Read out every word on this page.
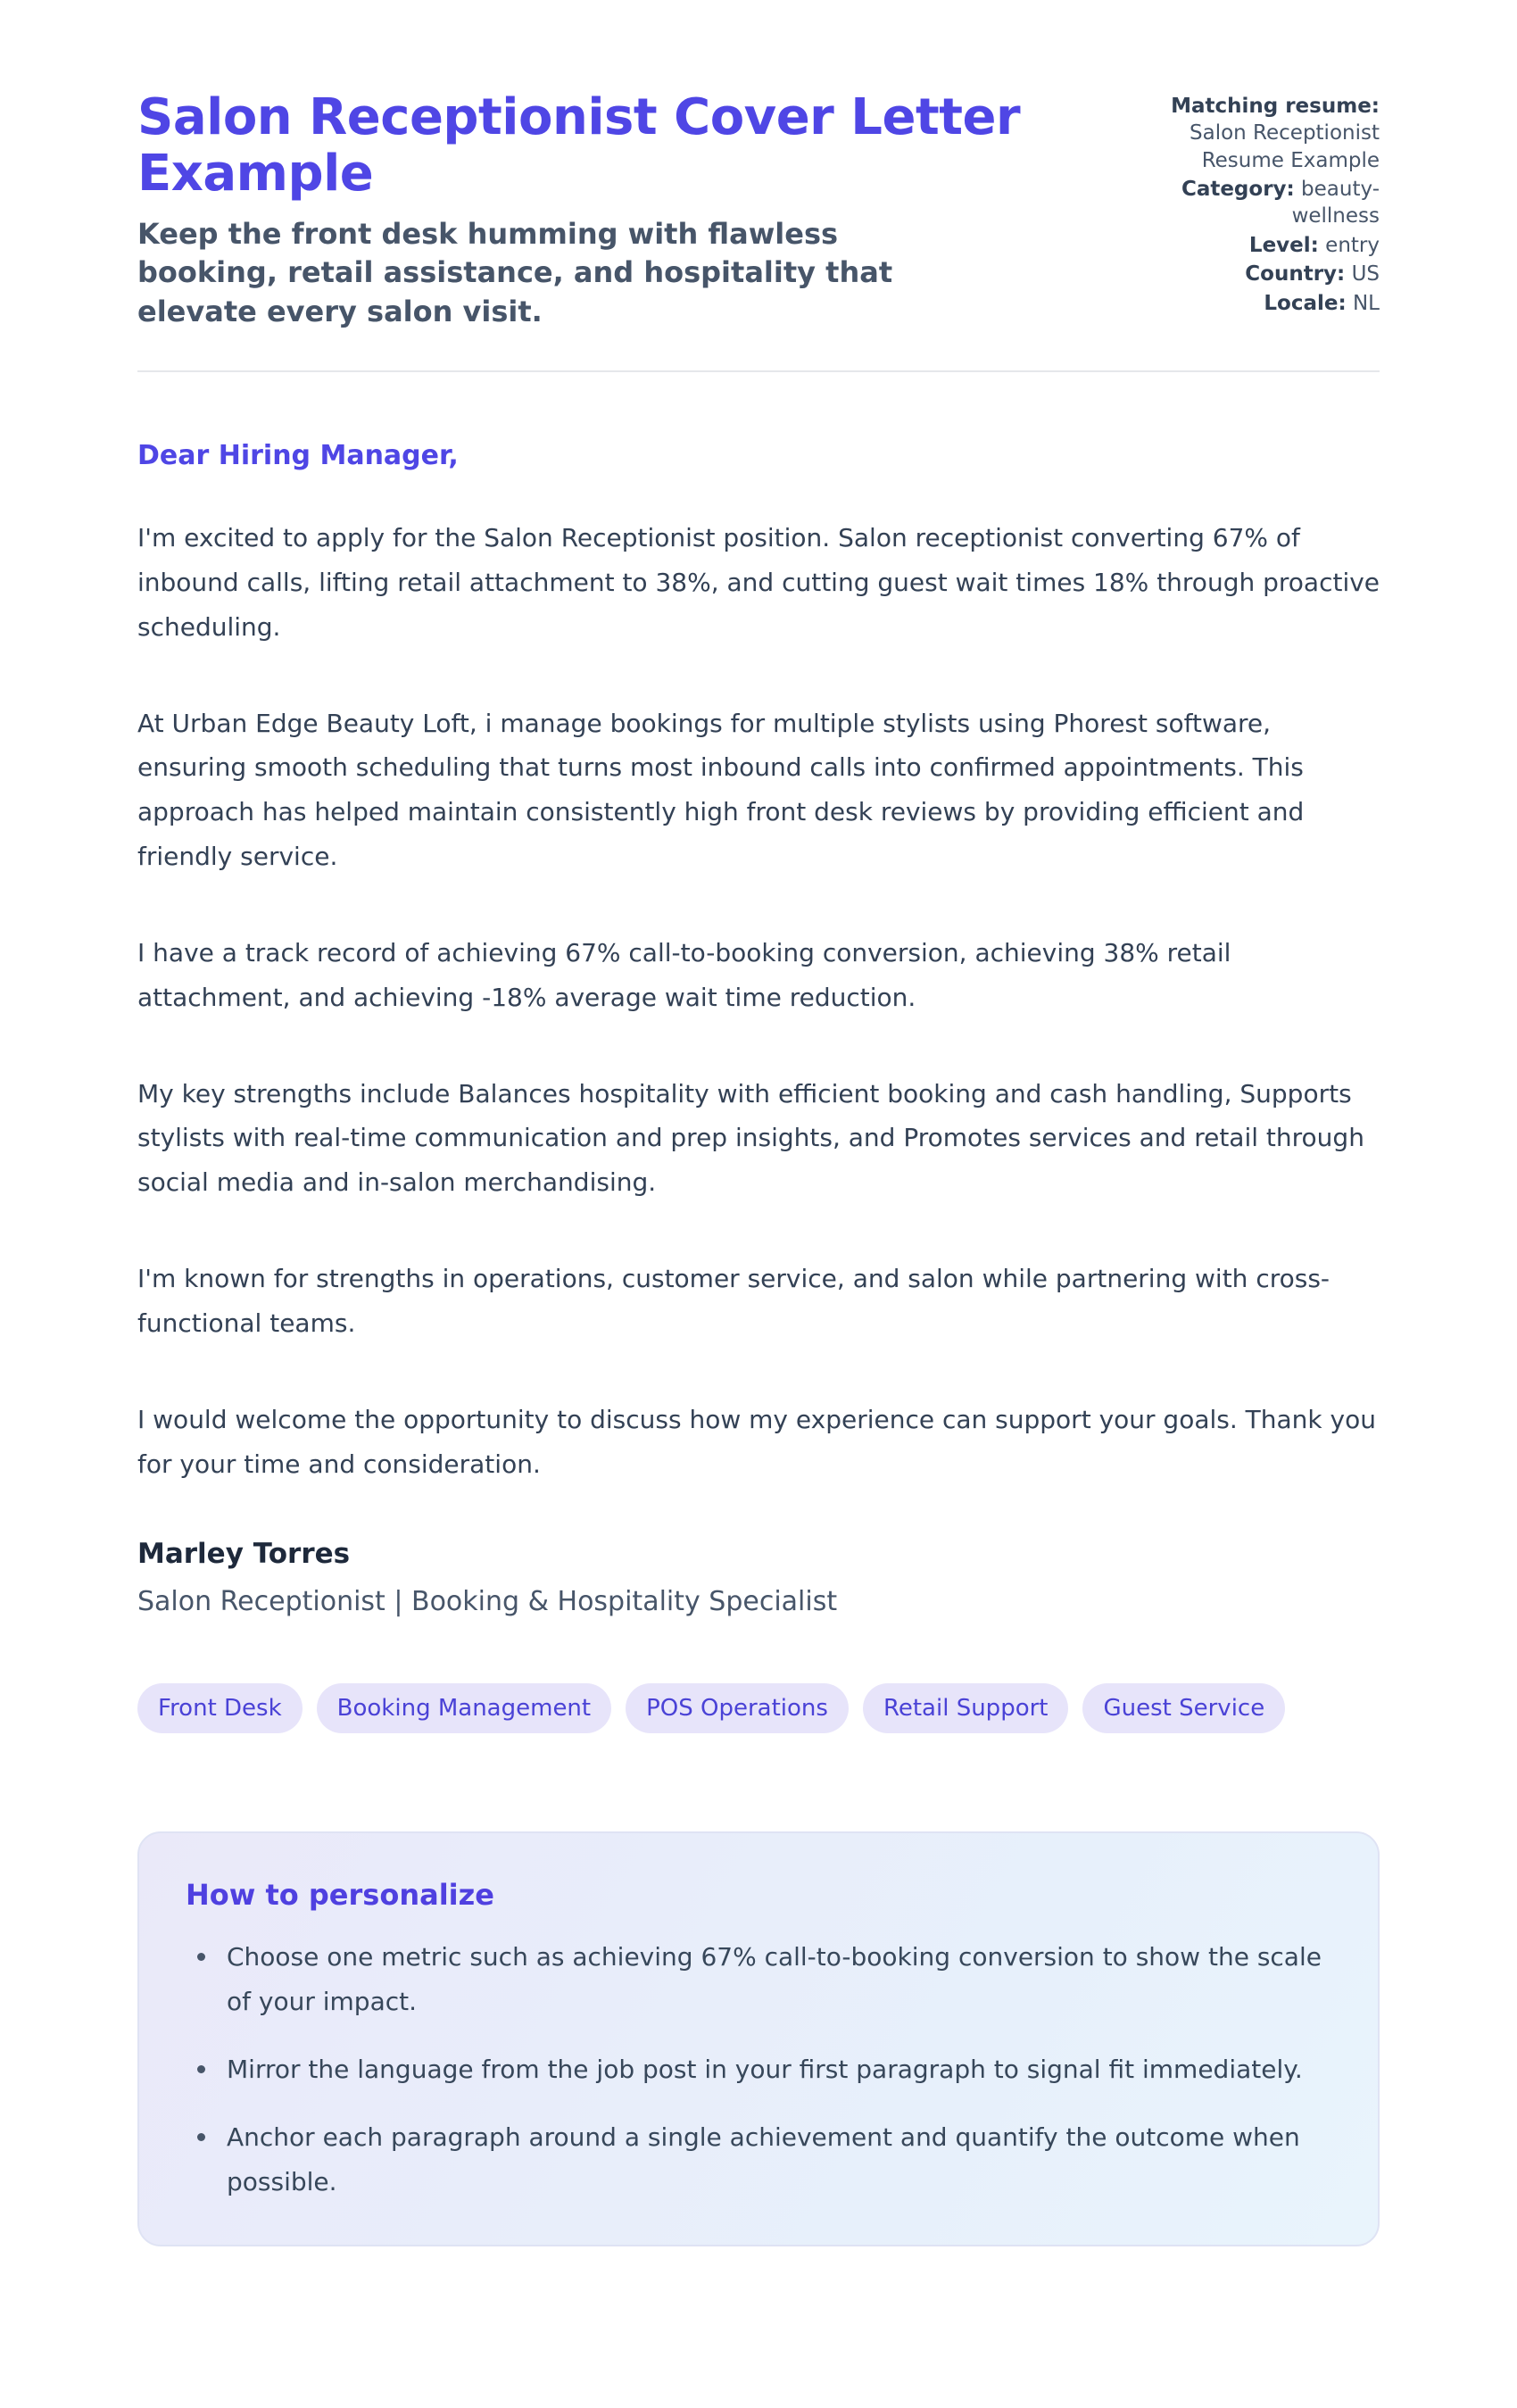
Salon Receptionist Cover Letter Example

Keep the front desk humming with flawless booking, retail assistance, and hospitality that elevate every salon visit.

Matching resume: Salon Receptionist Resume Example
Category: beauty-wellness
Level: entry
Country: US
Locale: NL

Dear Hiring Manager,

I'm excited to apply for the Salon Receptionist position. Salon receptionist converting 67% of inbound calls, lifting retail attachment to 38%, and cutting guest wait times 18% through proactive scheduling.

At Urban Edge Beauty Loft, i manage bookings for multiple stylists using Phorest software, ensuring smooth scheduling that turns most inbound calls into confirmed appointments. This approach has helped maintain consistently high front desk reviews by providing efficient and friendly service.

I have a track record of achieving 67% call-to-booking conversion, achieving 38% retail attachment, and achieving -18% average wait time reduction.

My key strengths include Balances hospitality with efficient booking and cash handling, Supports stylists with real-time communication and prep insights, and Promotes services and retail through social media and in-salon merchandising.

I'm known for strengths in operations, customer service, and salon while partnering with cross-functional teams.

I would welcome the opportunity to discuss how my experience can support your goals. Thank you for your time and consideration.

Marley Torres

Salon Receptionist | Booking & Hospitality Specialist

Front Desk	Booking Management	POS Operations	Retail Support	Guest Service
How to personalize
Choose one metric such as achieving 67% call-to-booking conversion to show the scale of your impact.
Mirror the language from the job post in your first paragraph to signal fit immediately.
Anchor each paragraph around a single achievement and quantify the outcome when possible.
